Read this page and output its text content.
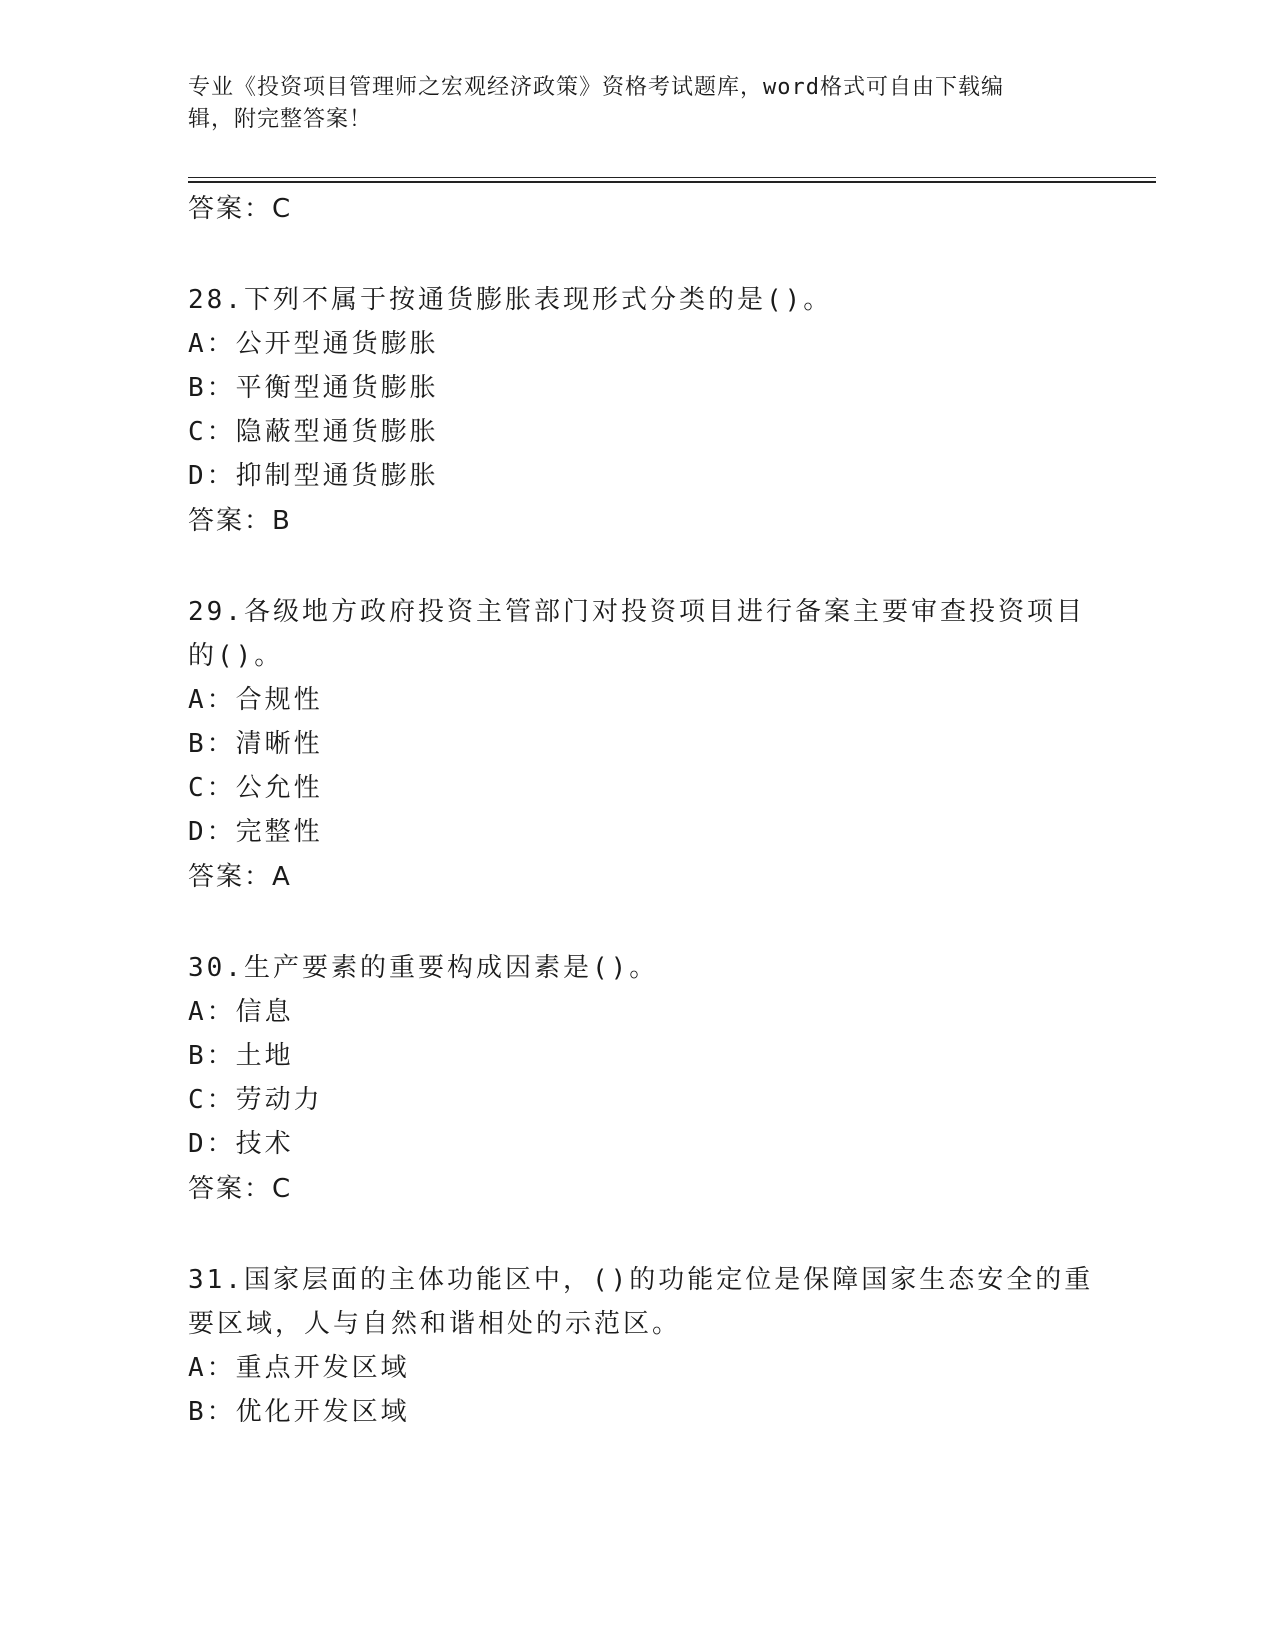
专业《投资项目管理师之宏观经济政策》资格考试题库，word格式可自由下载编
辑，附完整答案！
答案：C
28.下列不属于按通货膨胀表现形式分类的是()。
A：公开型通货膨胀
B：平衡型通货膨胀
C：隐蔽型通货膨胀
D：抑制型通货膨胀
答案：B
29.各级地方政府投资主管部门对投资项目进行备案主要审查投资项目
的()。
A：合规性
B：清晰性
C：公允性
D：完整性
答案：A
30.生产要素的重要构成因素是()。
A：信息
B：土地
C：劳动力
D：技术
答案：C
31.国家层面的主体功能区中，()的功能定位是保障国家生态安全的重
要区域，人与自然和谐相处的示范区。
A：重点开发区域
B：优化开发区域
